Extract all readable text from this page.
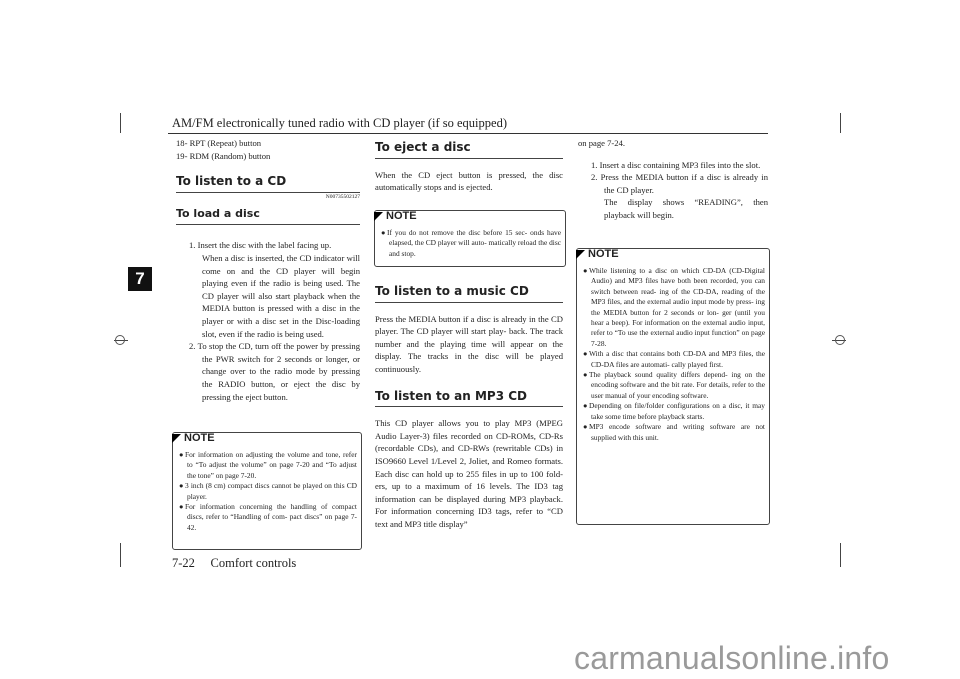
AM/FM electronically tuned radio with CD player (if so equipped)
7
7-22 Comfort controls

18- RPT (Repeat) button

19- RDM (Random) button

To listen to a CD

N00735502127

To load a disc

1. Insert the disc with the label facing up.

When a disc is inserted, the CD indicator will come on and the CD player will begin playing even if the radio is being used. The CD player will also start playback when the MEDIA button is pressed with a disc in the player or with a disc set in the Disc-loading slot, even if the radio is being used.

2. To stop the CD, turn off the power by pressing the PWR switch for 2 seconds or longer, or change over to the radio mode by pressing the RADIO button, or eject the disc by pressing the eject button.

NOTE
● For information on adjusting the volume and tone, refer to “To adjust the volume” on page 7-20 and “To adjust the tone” on page 7-20.
● 3 inch (8 cm) compact discs cannot be played on this CD player.
● For information concerning the handling of compact discs, refer to “Handling of com- pact discs” on page 7-42.

To eject a disc

When the CD eject button is pressed, the disc automatically stops and is ejected.

NOTE
● If you do not remove the disc before 15 sec- onds have elapsed, the CD player will auto- matically reload the disc and stop.

To listen to a music CD

Press the MEDIA button if a disc is already in the CD player. The CD player will start play- back. The track number and the playing time will appear on the display. The tracks in the disc will be played continuously.

To listen to an MP3 CD

This CD player allows you to play MP3 (MPEG Audio Layer-3) files recorded on CD-ROMs, CD-Rs (recordable CDs), and CD-RWs (rewritable CDs) in ISO9660 Level 1/Level 2, Joliet, and Romeo formats. Each disc can hold up to 255 files in up to 100 fold- ers, up to a maximum of 16 levels. The ID3 tag information can be displayed during MP3 playback. For information concerning ID3 tags, refer to “CD text and MP3 title display”

on page 7-24.

1. Insert a disc containing MP3 files into the slot.

2. Press the MEDIA button if a disc is already in the CD player.

The display shows “READING”, then playback will begin.

NOTE
● While listening to a disc on which CD-DA (CD-Digital Audio) and MP3 files have both been recorded, you can switch between read- ing of the CD-DA, reading of the MP3 files, and the external audio input mode by press- ing the MEDIA button for 2 seconds or lon- ger (until you hear a beep). For information on the external audio input, refer to “To use the external audio input function” on page 7-28.
● With a disc that contains both CD-DA and MP3 files, the CD-DA files are automati- cally played first.
● The playback sound quality differs depend- ing on the encoding software and the bit rate. For details, refer to the user manual of your encoding software.
● Depending on file/folder configurations on a disc, it may take some time before playback starts.
● MP3 encode software and writing software are not supplied with this unit.
carmanualsonline.info
